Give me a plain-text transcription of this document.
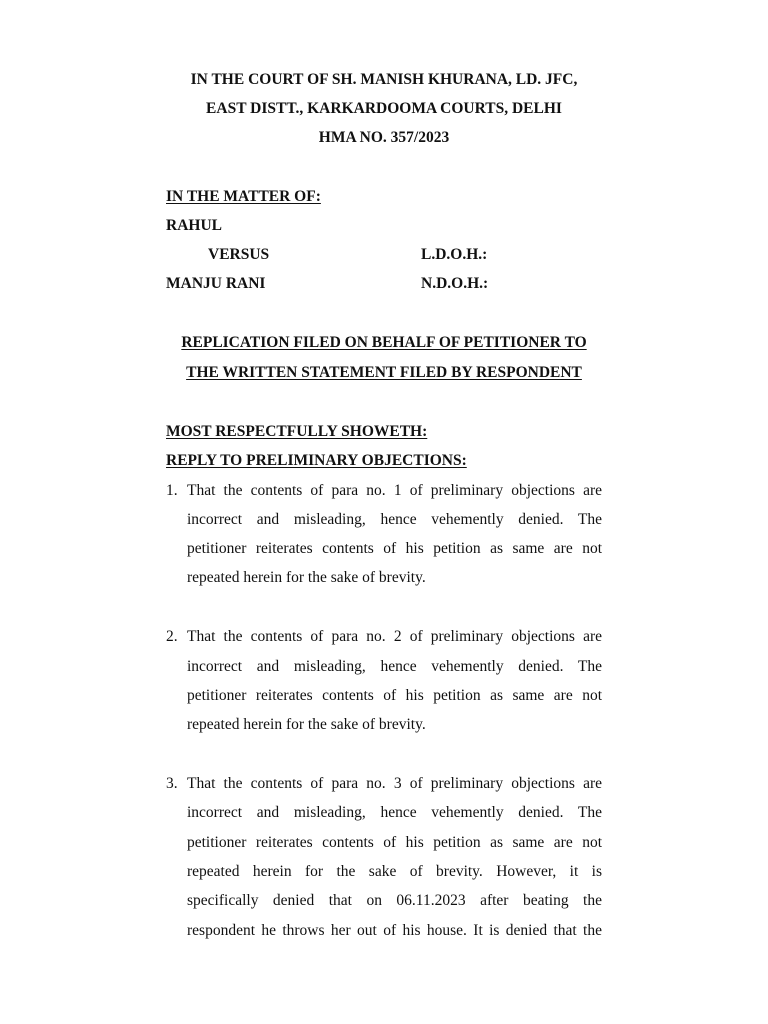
IN THE COURT OF SH. MANISH KHURANA, LD. JFC,
EAST DISTT., KARKARDOOMA COURTS, DELHI
HMA NO. 357/2023
IN THE MATTER OF:
RAHUL
VERSUS	L.D.O.H.:
MANJU RANI	N.D.O.H.:
REPLICATION FILED ON BEHALF OF PETITIONER TO
THE WRITTEN STATEMENT FILED BY RESPONDENT
MOST RESPECTFULLY SHOWETH:
REPLY TO PRELIMINARY OBJECTIONS:
1. That the contents of para no. 1 of preliminary objections are
incorrect and misleading, hence vehemently denied. The
petitioner reiterates contents of his petition as same are not
repeated herein for the sake of brevity.
2. That the contents of para no. 2 of preliminary objections are
incorrect and misleading, hence vehemently denied. The
petitioner reiterates contents of his petition as same are not
repeated herein for the sake of brevity.
3. That the contents of para no. 3 of preliminary objections are
incorrect and misleading, hence vehemently denied. The
petitioner reiterates contents of his petition as same are not
repeated herein for the sake of brevity. However, it is
specifically denied that on 06.11.2023 after beating the
respondent he throws her out of his house. It is denied that the
